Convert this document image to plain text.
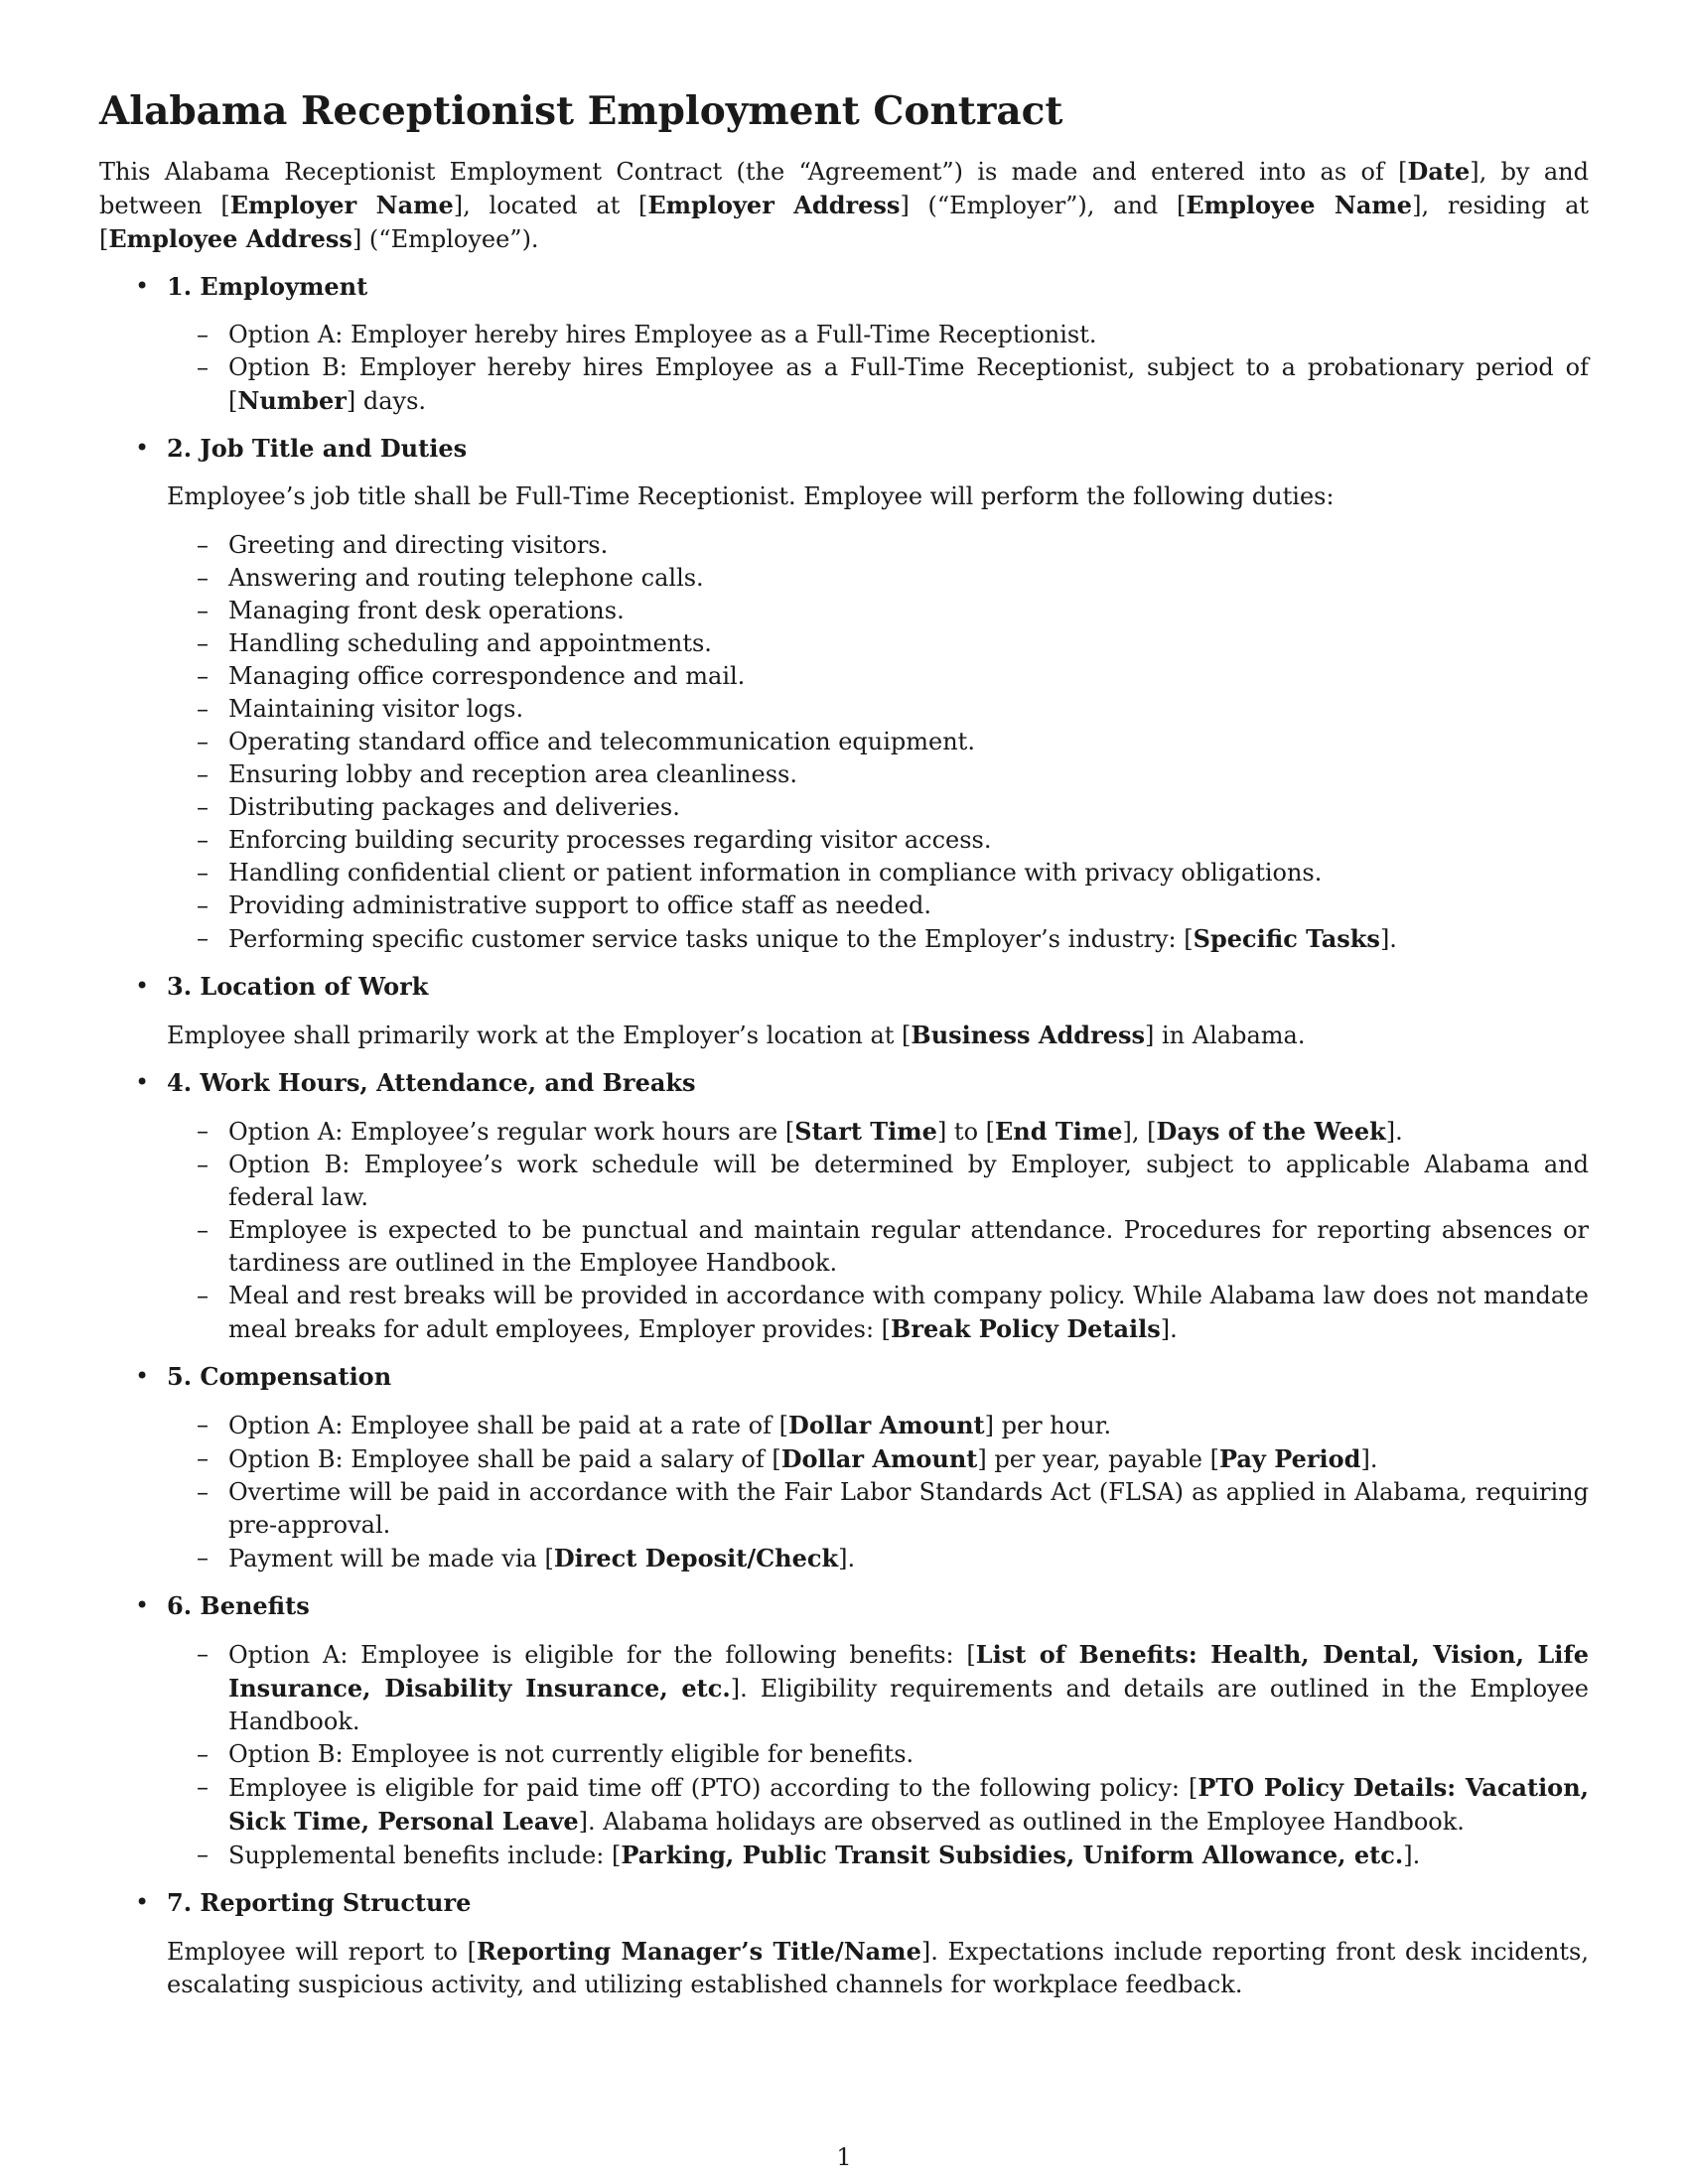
Alabama Receptionist Employment Contract

This Alabama Receptionist Employment Contract (the “Agreement”) is made and entered into as of [Date], by and between [Employer Name], located at [Employer Address] (“Employer”), and [Employee Name], residing at [Employee Address] (“Employee”).

• 1. Employment
– Option A: Employer hereby hires Employee as a Full-Time Receptionist.
– Option B: Employer hereby hires Employee as a Full-Time Receptionist, subject to a probationary period of [Number] days.
• 2. Job Title and Duties

Employee’s job title shall be Full-Time Receptionist. Employee will perform the following duties:

– Greeting and directing visitors.
– Answering and routing telephone calls.
– Managing front desk operations.
– Handling scheduling and appointments.
– Managing office correspondence and mail.
– Maintaining visitor logs.
– Operating standard office and telecommunication equipment.
– Ensuring lobby and reception area cleanliness.
– Distributing packages and deliveries.
– Enforcing building security processes regarding visitor access.
– Handling confidential client or patient information in compliance with privacy obligations.
– Providing administrative support to office staff as needed.
– Performing specific customer service tasks unique to the Employer’s industry: [Specific Tasks].
• 3. Location of Work

Employee shall primarily work at the Employer’s location at [Business Address] in Alabama.

• 4. Work Hours, Attendance, and Breaks
– Option A: Employee’s regular work hours are [Start Time] to [End Time], [Days of the Week].
– Option B: Employee’s work schedule will be determined by Employer, subject to applicable Alabama and federal law.
– Employee is expected to be punctual and maintain regular attendance. Procedures for reporting absences or tardiness are outlined in the Employee Handbook.
– Meal and rest breaks will be provided in accordance with company policy. While Alabama law does not mandate meal breaks for adult employees, Employer provides: [Break Policy Details].
• 5. Compensation
– Option A: Employee shall be paid at a rate of [Dollar Amount] per hour.
– Option B: Employee shall be paid a salary of [Dollar Amount] per year, payable [Pay Period].
– Overtime will be paid in accordance with the Fair Labor Standards Act (FLSA) as applied in Alabama, requiring pre-approval.
– Payment will be made via [Direct Deposit/Check].
• 6. Benefits
– Option A: Employee is eligible for the following benefits: [List of Benefits: Health, Dental, Vision, Life Insurance, Disability Insurance, etc.]. Eligibility requirements and details are outlined in the Employee Handbook.
– Option B: Employee is not currently eligible for benefits.
– Employee is eligible for paid time off (PTO) according to the following policy: [PTO Policy Details: Vacation, Sick Time, Personal Leave]. Alabama holidays are observed as outlined in the Employee Handbook.
– Supplemental benefits include: [Parking, Public Transit Subsidies, Uniform Allowance, etc.].
• 7. Reporting Structure

Employee will report to [Reporting Manager’s Title/Name]. Expectations include reporting front desk incidents, escalating suspicious activity, and utilizing established channels for workplace feedback.

1
